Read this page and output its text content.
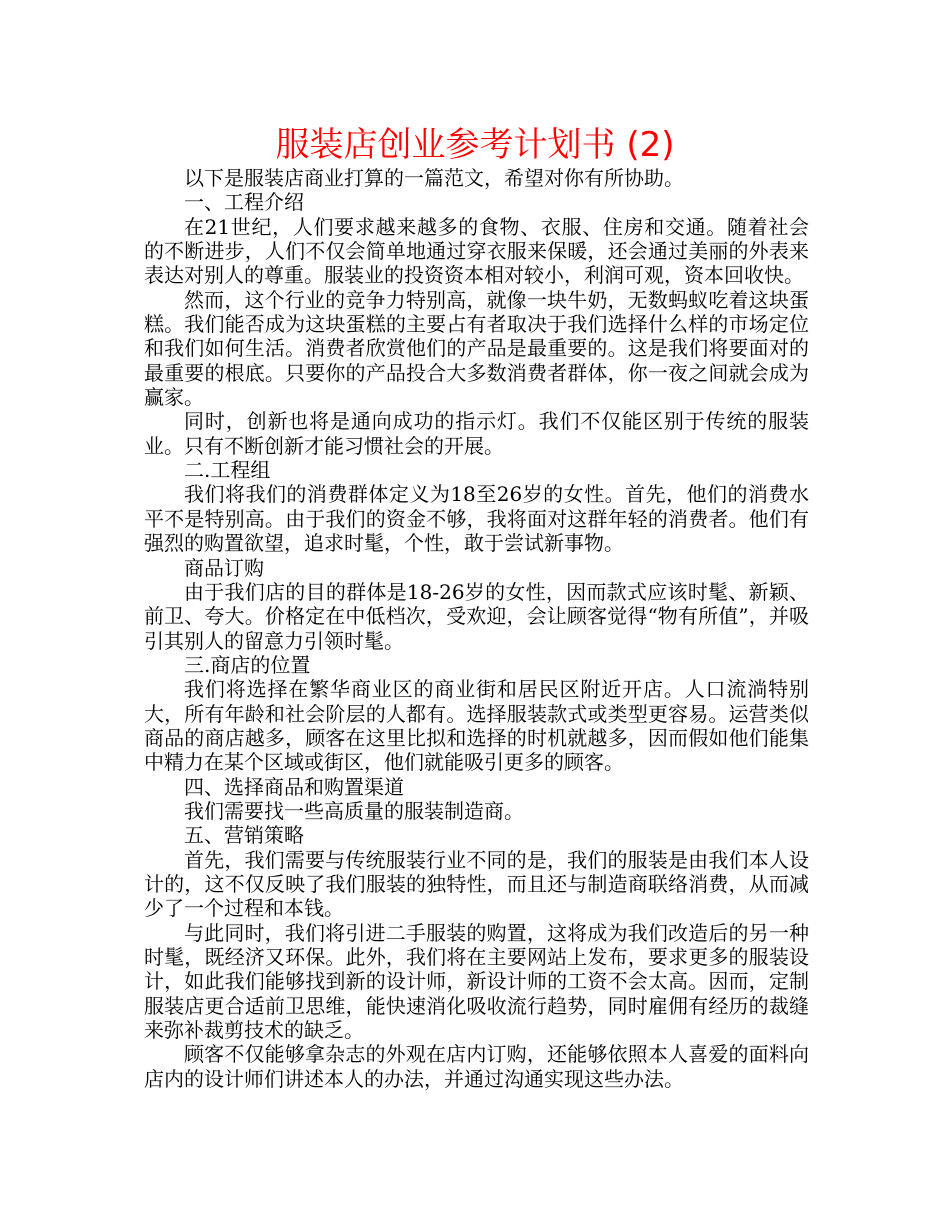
服装店创业参考计划书 (2)

以下是服装店商业打算的一篇范文，希望对你有所协助。

一、工程介绍

在21世纪，人们要求越来越多的食物、衣服、住房和交通。随着社会的不断进步，人们不仅会简单地通过穿衣服来保暖，还会通过美丽的外表来表达对别人的尊重。服装业的投资资本相对较小，利润可观，资本回收快。

然而，这个行业的竞争力特别高，就像一块牛奶，无数蚂蚁吃着这块蛋糕。我们能否成为这块蛋糕的主要占有者取决于我们选择什么样的市场定位和我们如何生活。消费者欣赏他们的产品是最重要的。这是我们将要面对的最重要的根底。只要你的产品投合大多数消费者群体，你一夜之间就会成为赢家。

同时，创新也将是通向成功的指示灯。我们不仅能区别于传统的服装业。只有不断创新才能习惯社会的开展。

二.工程组

我们将我们的消费群体定义为18至26岁的女性。首先，他们的消费水平不是特别高。由于我们的资金不够，我将面对这群年轻的消费者。他们有强烈的购置欲望，追求时髦，个性，敢于尝试新事物。

商品订购

由于我们店的目的群体是18-26岁的女性，因而款式应该时髦、新颖、前卫、夸大。价格定在中低档次，受欢迎，会让顾客觉得“物有所值”，并吸引其别人的留意力引领时髦。

三.商店的位置

我们将选择在繁华商业区的商业街和居民区附近开店。人口流淌特别大，所有年龄和社会阶层的人都有。选择服装款式或类型更容易。运营类似商品的商店越多，顾客在这里比拟和选择的时机就越多，因而假如他们能集中精力在某个区域或街区，他们就能吸引更多的顾客。

四、选择商品和购置渠道

我们需要找一些高质量的服装制造商。

五、营销策略

首先，我们需要与传统服装行业不同的是，我们的服装是由我们本人设计的，这不仅反映了我们服装的独特性，而且还与制造商联络消费，从而减少了一个过程和本钱。

与此同时，我们将引进二手服装的购置，这将成为我们改造后的另一种时髦，既经济又环保。此外，我们将在主要网站上发布，要求更多的服装设计，如此我们能够找到新的设计师，新设计师的工资不会太高。因而，定制服装店更合适前卫思维，能快速消化吸收流行趋势，同时雇佣有经历的裁缝来弥补裁剪技术的缺乏。

顾客不仅能够拿杂志的外观在店内订购，还能够依照本人喜爱的面料向店内的设计师们讲述本人的办法，并通过沟通实现这些办法。
